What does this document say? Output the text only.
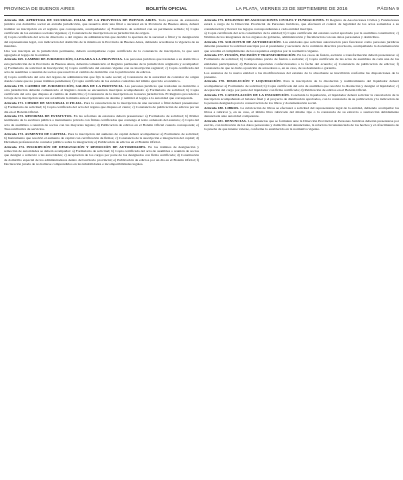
PROVINCIA DE BUENOS AIRES	BOLETÍN OFICIAL	LA PLATA, VIERNES 23 DE SEPTIEMBRE DE 2016	PÁGINA 9

Artículo 168. APERTURA DE SUCURSAL FILIAL DE LA PROVINCIA DE BUENOS AIRES. Toda persona de existencia jurídica con domicilio social en extraña jurisdicción, que resuelva abrir una filial o sucursal en la Provincia de Buenos Aires, deberá tramitar su inscripción en el registro que corresponda, acompañando: a) Formulario de solicitud con su pertinente sellado; b) Copia certificada de los estatutos sociales vigentes; c) Constancia de inscripción en su jurisdicción de origen.

d) Copia certificada del acta de directorio o del órgano de administración que decidió la apertura de la sucursal o filial y la designación del representante legal, con indicación del domicilio de la misma en la Provincia de Buenos Aires, debiendo acreditarse la vigencia de su mandato.

Una vez inscripta en la jurisdicción pertinente, deberá acompañarse copia certificada de la constancia de inscripción, la que será agregada al legajo de la entidad.

Artículo 169. CAMBIO DE JURISDICCIÓN, LLEGADA A LA PROVINCIA. Las personas jurídicas que trasladen a su domicilio a esta jurisdicción de la Provincia de Buenos Aires, deberán comunicarlo al Registro pertinente de la jurisdicción originaria y acompañar: a) Formulario de solicitud de Inscripción; b) Copia certificada del estatuto vigente con su inscripción registral; c) Copia certificada del acta de asamblea o reunión de socios que resolvió el cambio de domicilio con la publicación de edictos.

d) Copia certificada del acta del órgano de administración que fijó la sede social; e) Constancia de la autoridad de contralor de origen donde conste que no posee trámites pendientes; f) Copia certificada de los estados contables del último ejercicio económico.

Artículo 170. CAMBIO DE JURISDICCIÓN, SALIDA DE LA PROVINCIA. Las personas jurídicas que trasladen su domicilio a otra jurisdicción deberán comunicarlo al Registro donde se encuentren inscriptas acompañando: a) Formulario de solicitud; b) Copia certificada del acta que dispuso el cambio de domicilio; c) Constancia de la inscripción en la nueva jurisdicción. El Registro procederá a la baja de la inscripción una vez acreditada la misma ante el organismo de destino y remitirá el legajo a la autoridad que corresponda.

Artículo 171. CIERRE DE SUCURSAL O FILIAL. Para la cancelación de la inscripción de una sucursal o filial deberá presentarse: a) Formulario de solicitud; b) Copia certificada del acta del órgano que dispuso el cierre; c) Constancia de publicación de edictos por un día en el Boletín Oficial.

Artículo 172. REFORMA DE ESTATUTOS. En las reformas de estatutos deberá presentarse: a) Formulario de solicitud; b) Primer testimonio de la escritura pública o instrumento privado con firmas certificadas que contenga el texto ordenado del estatuto; c) Copia del acta de asamblea o reunión de socios con las mayorías legales; d) Publicación de edictos en el Boletín Oficial cuando corresponda; e) Tasa retributiva de servicios.

Artículo 173. AUMENTO DE CAPITAL. Para la inscripción del aumento de capital deberá acompañarse: a) Formulario de solicitud; b) Instrumento que resolvió el aumento de capital con certificación de firmas; c) Constancia de la suscripción e integración del capital; d) Dictamen profesional de contador público sobre la integración; e) Publicación de edictos en el Boletín Oficial.

Artículo 174. INSCRIPCIÓN DE DESIGNACIÓN Y REMOCIÓN DE AUTORIDADES. En los trámites de designación y remoción de autoridades se deberá acompañar: a) Formulario de solicitud; b) Copia certificada del acta de asamblea o reunión de socios que designó o removió a las autoridades; c) Aceptación de los cargos por parte de los designados con firma certificada; d) Constitución de domicilio especial de los administradores dentro del territorio provincial; e) Publicación de edictos por un día en el Boletín Oficial; f) Declaración jurada de no hallarse comprendidos en las inhabilidades e incompatibilidades legales.

Artículo 175. REGISTRO DE ASOCIACIONES CIVILES Y FUNDACIONES. El Registro de Asociaciones Civiles y Fundaciones estará a cargo de la Dirección Provincial de Personas Jurídicas, que efectuará el control de legalidad de los actos sometidos a su consideración y llevará los legajos correspondientes a cada entidad inscripta.

a) Copia certificada del acta constitutiva de la entidad; b) Copia certificada del estatuto social aprobado por la asamblea constitutiva; c) Nómina de los integrantes de los órganos de gobierno, administración y fiscalización con sus datos personales y domicilios.

Artículo 176. SOLICITUD DE AUTORIZACIÓN. Las entidades que soliciten autorización para funcionar como personas jurídicas deberán presentar la solicitud suscripta por el presidente y secretario de la comisión directiva provisoria, acompañando la documentación que acredite el cumplimiento de los requisitos exigidos por la normativa vigente.

Artículo 177. FUSIÓN, ESCISIÓN Y TRANSFORMACIÓN. En los casos de fusión, escisión o transformación deberá presentarse: a) Formulario de solicitud; b) Compromiso previo de fusión o escisión; c) Copia certificada de las actas de asamblea de cada una de las entidades participantes; d) Balances especiales confeccionados a la fecha del acuerdo; e) Constancia de publicación de edictos; f) Constancia de que no hubo oposición de acreedores o, en su caso, de su desinterés o garantía.

Los estatutos de la nueva entidad o las modificaciones del estatuto de la absorbente se inscribirán conforme las disposiciones de la presente.

Artículo 178. DISOLUCIÓN Y LIQUIDACIÓN. Para la inscripción de la disolución y nombramiento del liquidador deberá acompañarse: a) Formulario de solicitud; b) Copia certificada del acta de asamblea que resolvió la disolución y designó al liquidador; c) Aceptación del cargo por parte del liquidador con firma certificada; d) Publicación de edictos en el Boletín Oficial.

Artículo 179. CANCELACIÓN DE LA INSCRIPCIÓN. Concluida la liquidación, el liquidador deberá solicitar la cancelación de la inscripción acompañando el balance final y el proyecto de distribución aprobados, con la constancia de su publicación y la indicación de la persona designada para la conservación de los libros y documentación social.

Artículo 180. LIBROS. La rubricación de libros se efectuará a solicitud del representante legal de la entidad, debiendo acompañar los libros a rubricar y, en su caso, el último libro rubricado del mismo tipo o la constancia de su extravío o sustracción debidamente denunciada ante autoridad competente.

Artículo 181. DENUNCIAS. Las denuncias que se formulen ante la Dirección Provincial de Personas Jurídicas deberán presentarse por escrito, con indicación de los datos personales y domicilio del denunciante, la relación circunstanciada de los hechos y el ofrecimiento de la prueba de que intente valerse, conforme lo establecido en la normativa vigente.
